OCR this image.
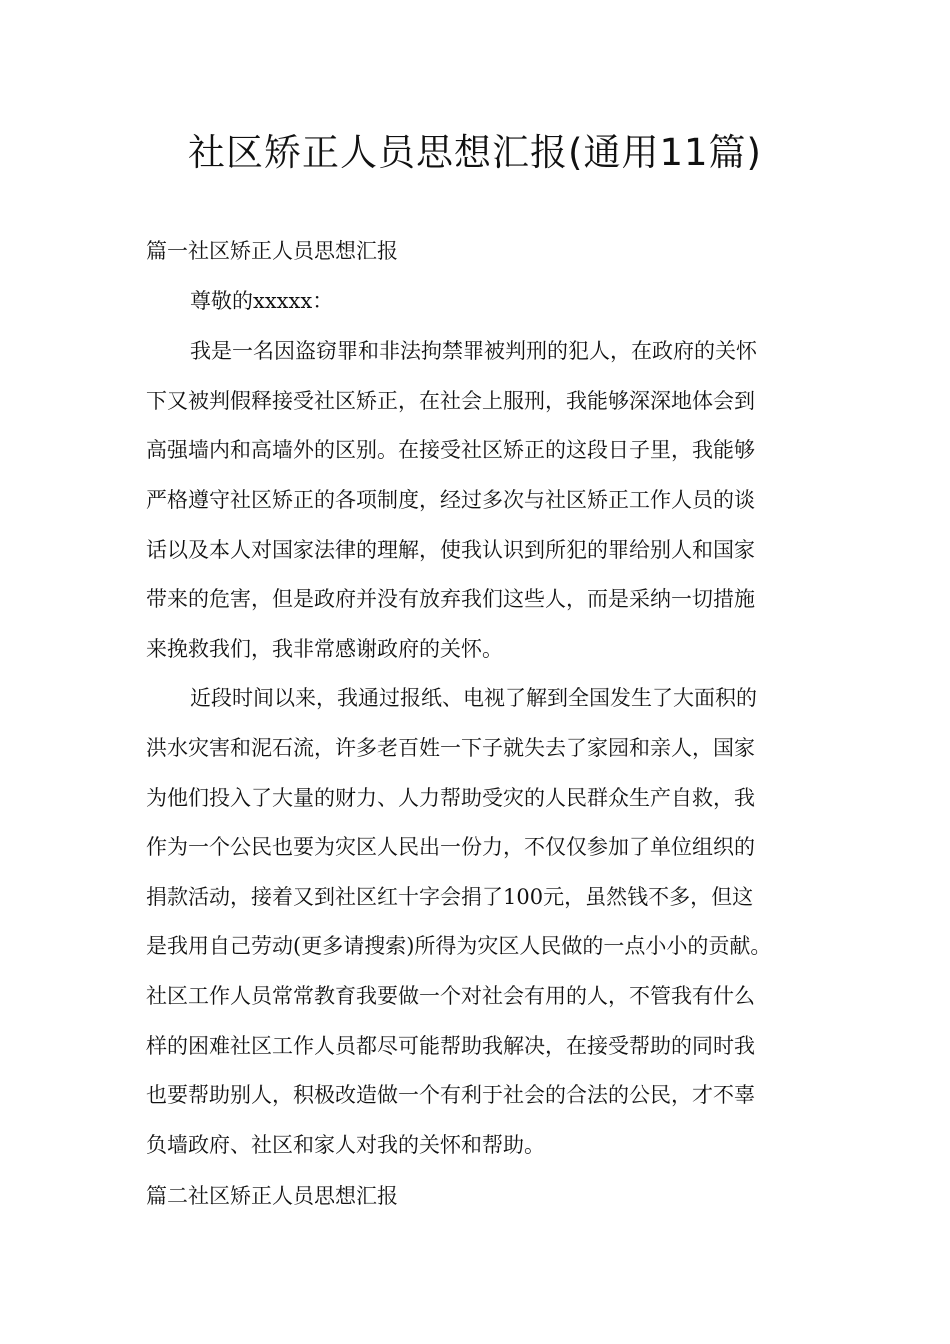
社区矫正人员思想汇报(通用11篇)

篇一社区矫正人员思想汇报

尊敬的xxxxx：

我是一名因盗窃罪和非法拘禁罪被判刑的犯人，在政府的关怀

下又被判假释接受社区矫正，在社会上服刑，我能够深深地体会到

高强墙内和高墙外的区别。在接受社区矫正的这段日子里，我能够

严格遵守社区矫正的各项制度，经过多次与社区矫正工作人员的谈

话以及本人对国家法律的理解，使我认识到所犯的罪给别人和国家

带来的危害，但是政府并没有放弃我们这些人，而是采纳一切措施

来挽救我们，我非常感谢政府的关怀。

近段时间以来，我通过报纸、电视了解到全国发生了大面积的

洪水灾害和泥石流，许多老百姓一下子就失去了家园和亲人，国家

为他们投入了大量的财力、人力帮助受灾的人民群众生产自救，我

作为一个公民也要为灾区人民出一份力，不仅仅参加了单位组织的

捐款活动，接着又到社区红十字会捐了100元，虽然钱不多，但这

是我用自己劳动(更多请搜索)所得为灾区人民做的一点小小的贡献。

社区工作人员常常教育我要做一个对社会有用的人，不管我有什么

样的困难社区工作人员都尽可能帮助我解决，在接受帮助的同时我

也要帮助别人，积极改造做一个有利于社会的合法的公民，才不辜

负墙政府、社区和家人对我的关怀和帮助。

篇二社区矫正人员思想汇报
